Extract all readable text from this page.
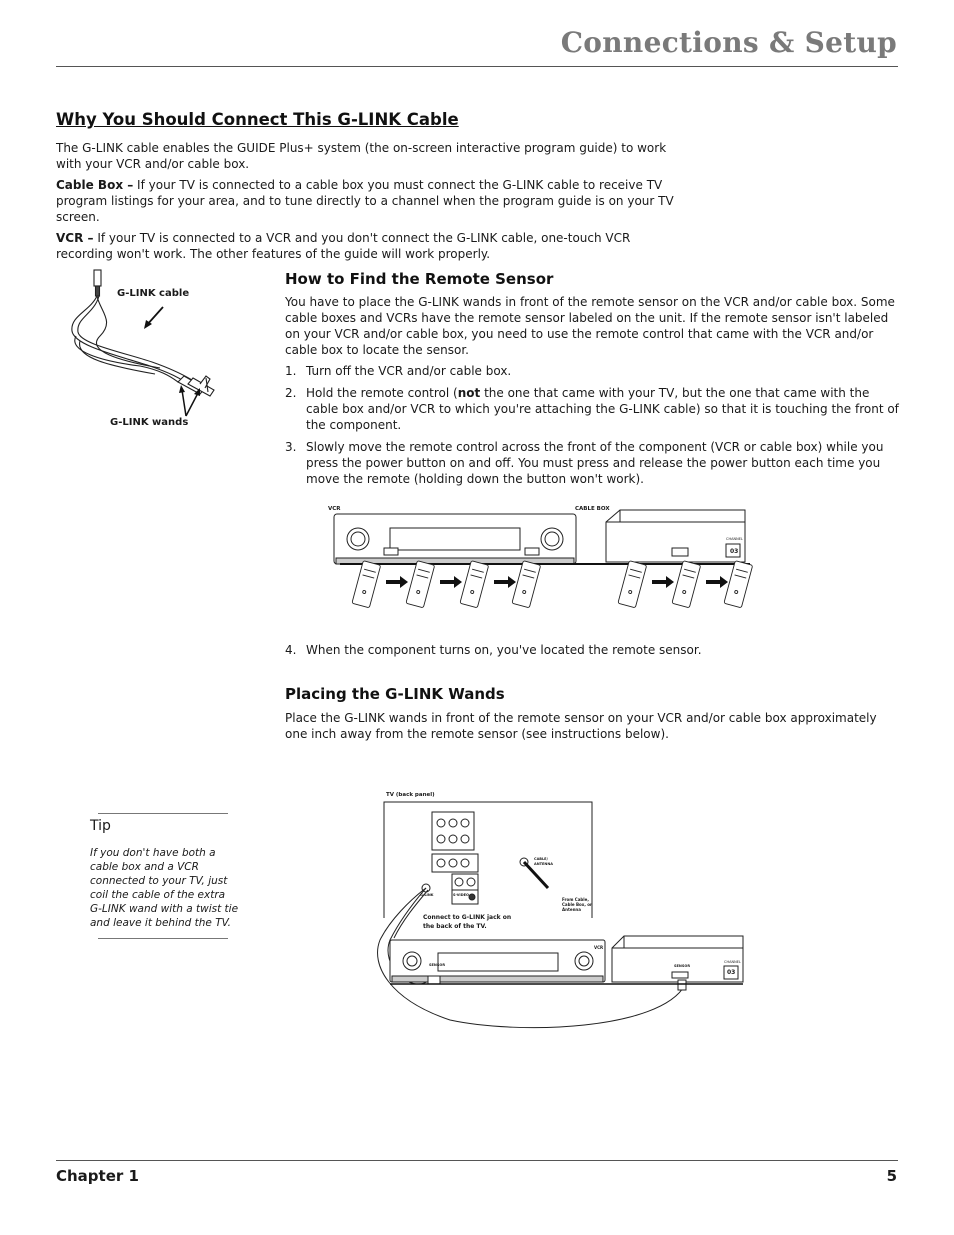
Connections & Setup
Why You Should Connect This G-LINK Cable

The G-LINK cable enables the GUIDE Plus+ system (the on-screen interactive program guide) to work with your VCR and/or cable box.

Cable Box – If your TV is connected to a cable box you must connect the G-LINK cable to receive TV program listings for your area, and to tune directly to a channel when the program guide is on your TV screen.

VCR – If your TV is connected to a VCR and you don't connect the G-LINK cable, one-touch VCR recording won't work. The other features of the guide will work properly.

G-LINK cable
G-LINK wands
How to Find the Remote Sensor

You have to place the G-LINK wands in front of the remote sensor on the VCR and/or cable box. Some cable boxes and VCRs have the remote sensor labeled on the unit. If the remote sensor isn't labeled on your VCR and/or cable box, you need to use the remote control that came with the VCR and/or cable box to locate the sensor.

1. Turn off the VCR and/or cable box.
2. Hold the remote control (not the one that came with your TV, but the one that came with the cable box and/or VCR to which you're attaching the G-LINK cable) so that it is touching the front of the component.
3. Slowly move the remote control across the front of the component (VCR or cable box) while you press the power button on and off. You must press and release the power button each time you move the remote (holding down the button won't work).
VCR	CABLE BOX
CHANNEL
03
4. When the component turns on, you've located the remote sensor.
Placing the G-LINK Wands

Place the G-LINK wands in front of the remote sensor on your VCR and/or cable box approximately one inch away from the remote sensor (see instructions below).

Tip
If you don't have both a cable box and a VCR connected to your TV, just coil the cable of the extra G-LINK wand with a twist tie and leave it behind the TV.
TV (back panel)
CABLE/ ANTENNA
G-LINK	S-VIDEO
From Cable, Cable Box, or Antenna
Connect to G-LINK jack on the back of the TV.
VCR
SENSOR	SENSOR
CHANNEL
03
Chapter 1	5
